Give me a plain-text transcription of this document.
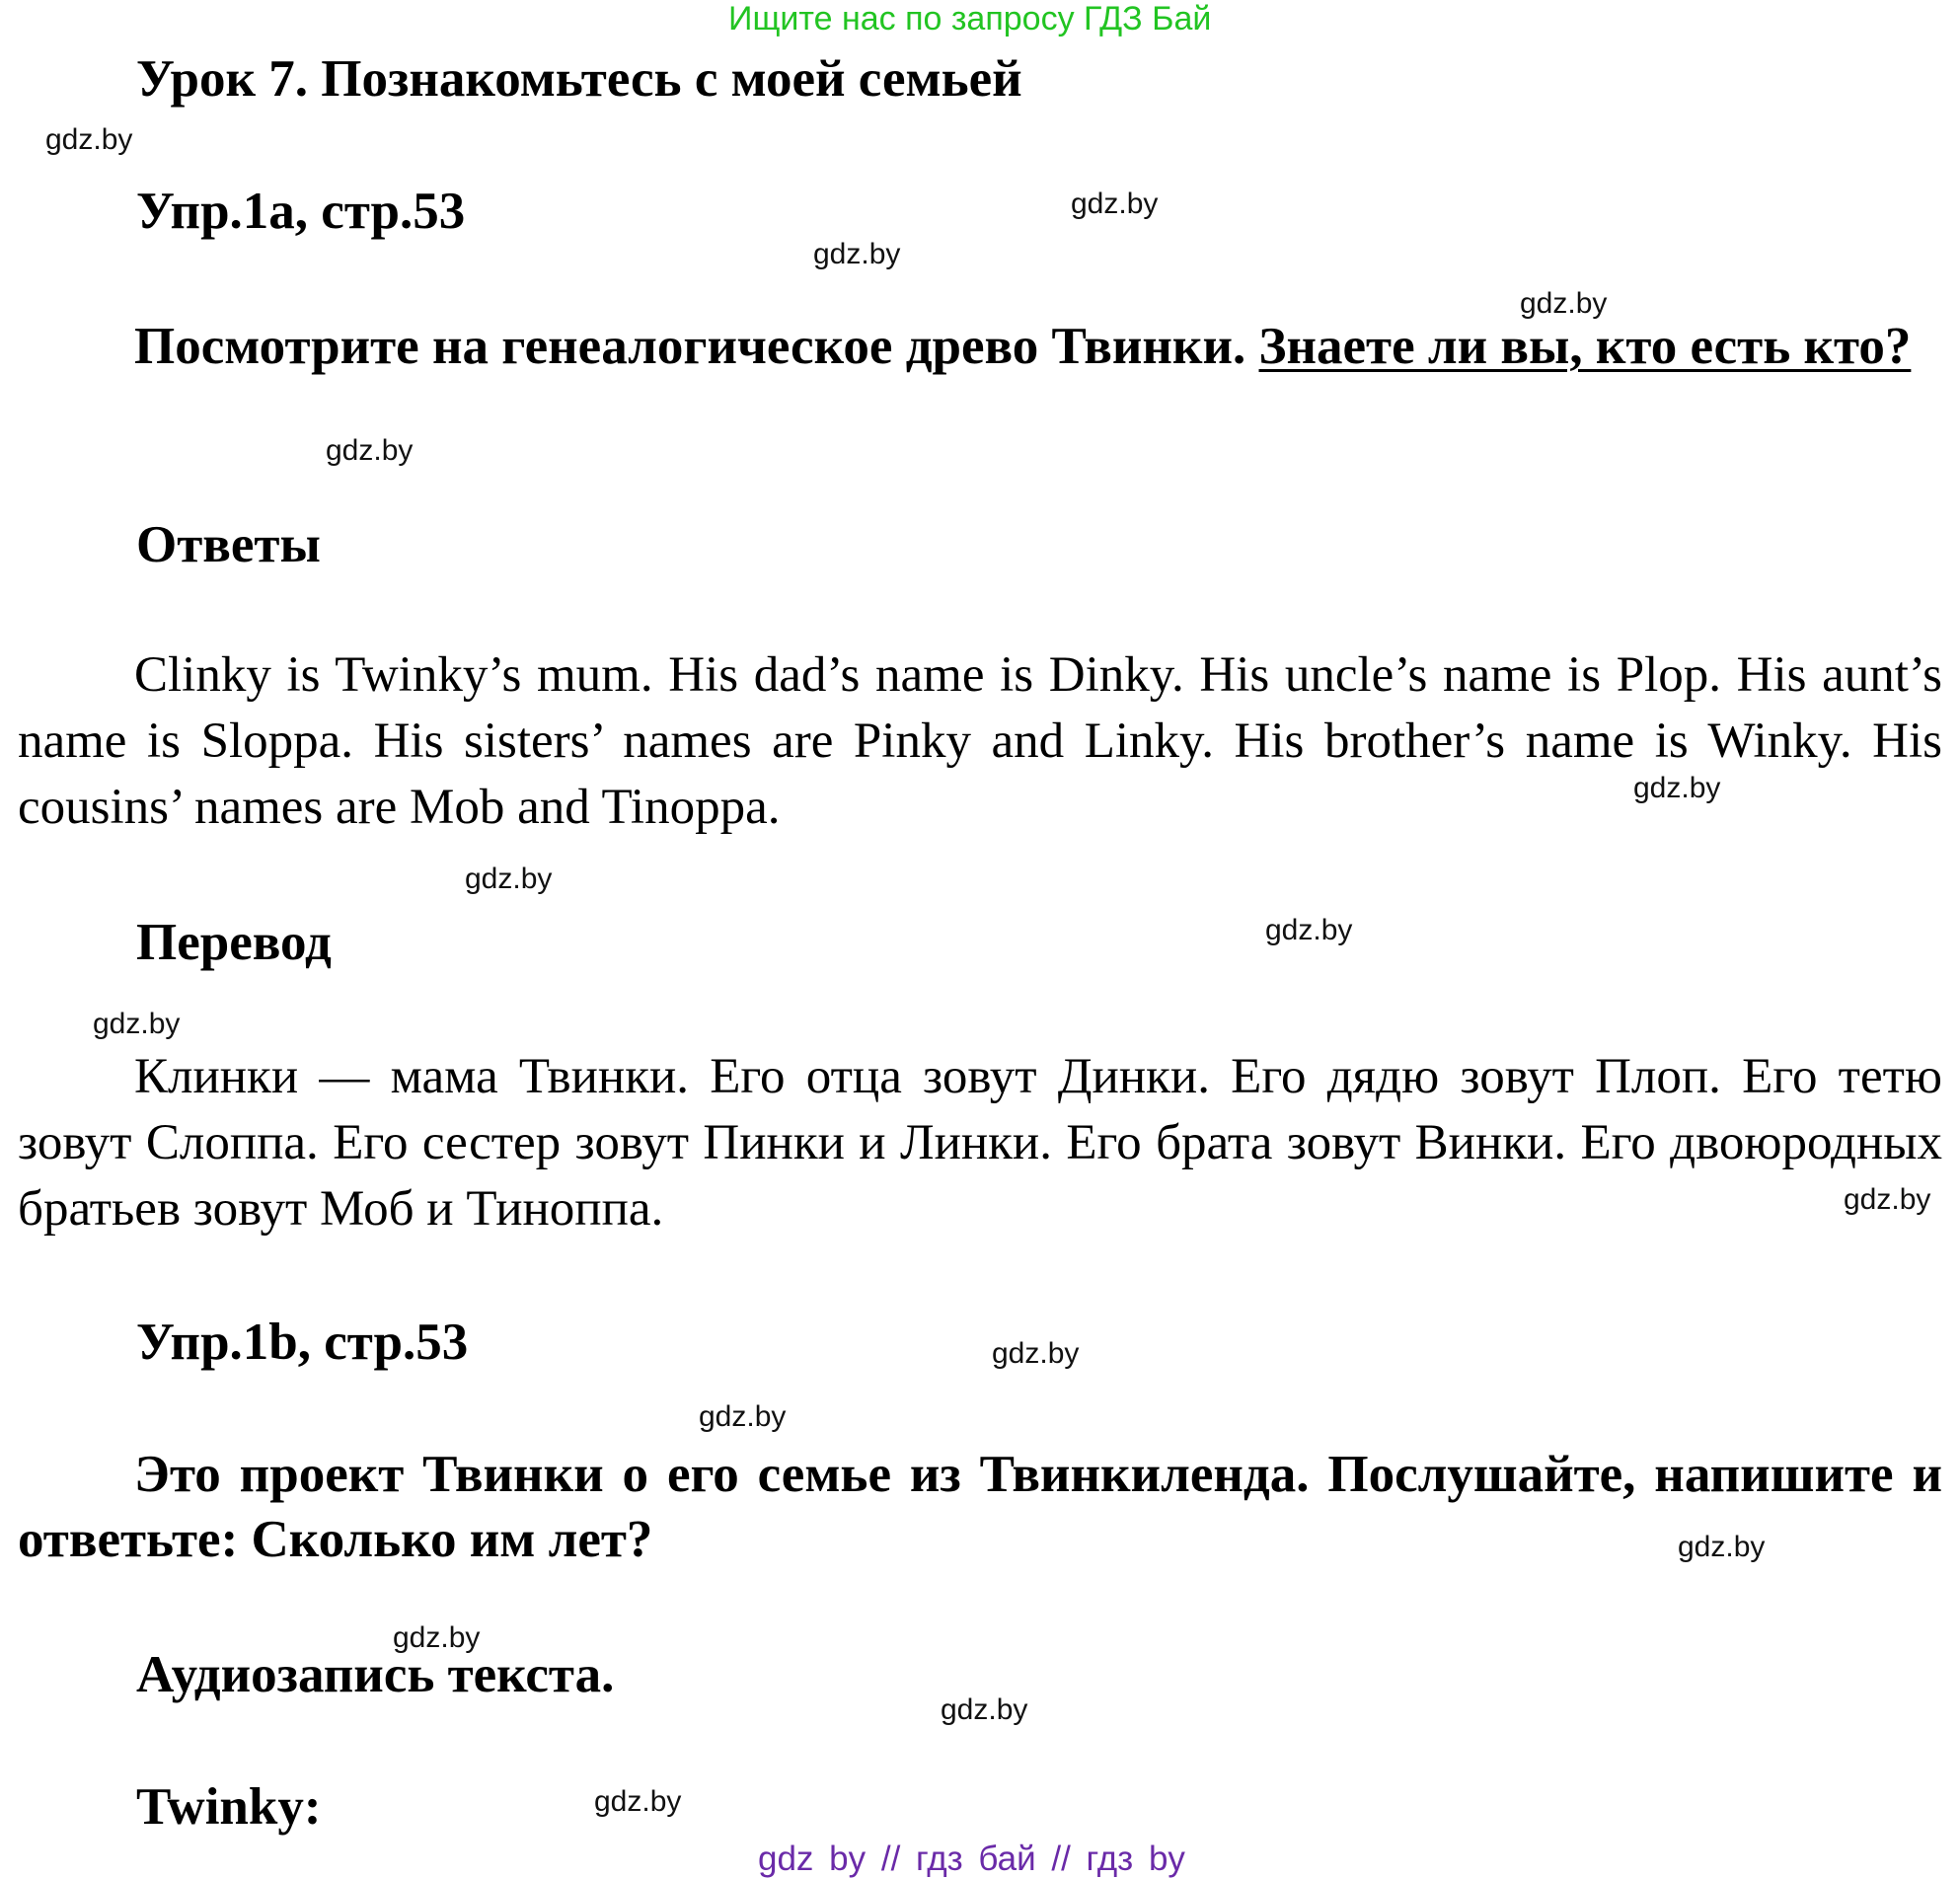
Ищите нас по запросу ГДЗ Бай
Урок 7. Познакомьтесь с моей семьей
Упр.1а, стр.53
Посмотрите на генеалогическое древо Твинки. Знаете ли вы, кто есть кто?
Ответы
Clinky is Twinky’s mum. His dad’s name is Dinky. His uncle’s name is Plop. His aunt’s name is Sloppa. His sisters’ names are Pinky and Linky. His brother’s name is Winky. His cousins’ names are Mob and Tinoppa.
Перевод
Клинки — мама Твинки. Его отца зовут Динки. Его дядю зовут Плоп. Его тетю зовут Слоппа. Его сестер зовут Пинки и Линки. Его брата зовут Винки. Его двоюродных братьев зовут Моб и Тиноппа.
Упр.1b, стр.53
Это проект Твинки о его семье из Твинкиленда. Послушайте, напишите и ответьте: Сколько им лет?
Аудиозапись текста.
Twinky:
gdz.by
gdz.by
gdz.by
gdz.by
gdz.by
gdz.by
gdz.by
gdz.by
gdz.by
gdz.by
gdz.by
gdz.by
gdz.by
gdz.by
gdz.by
gdz.by
gdz by // гдз бай // гдз by
